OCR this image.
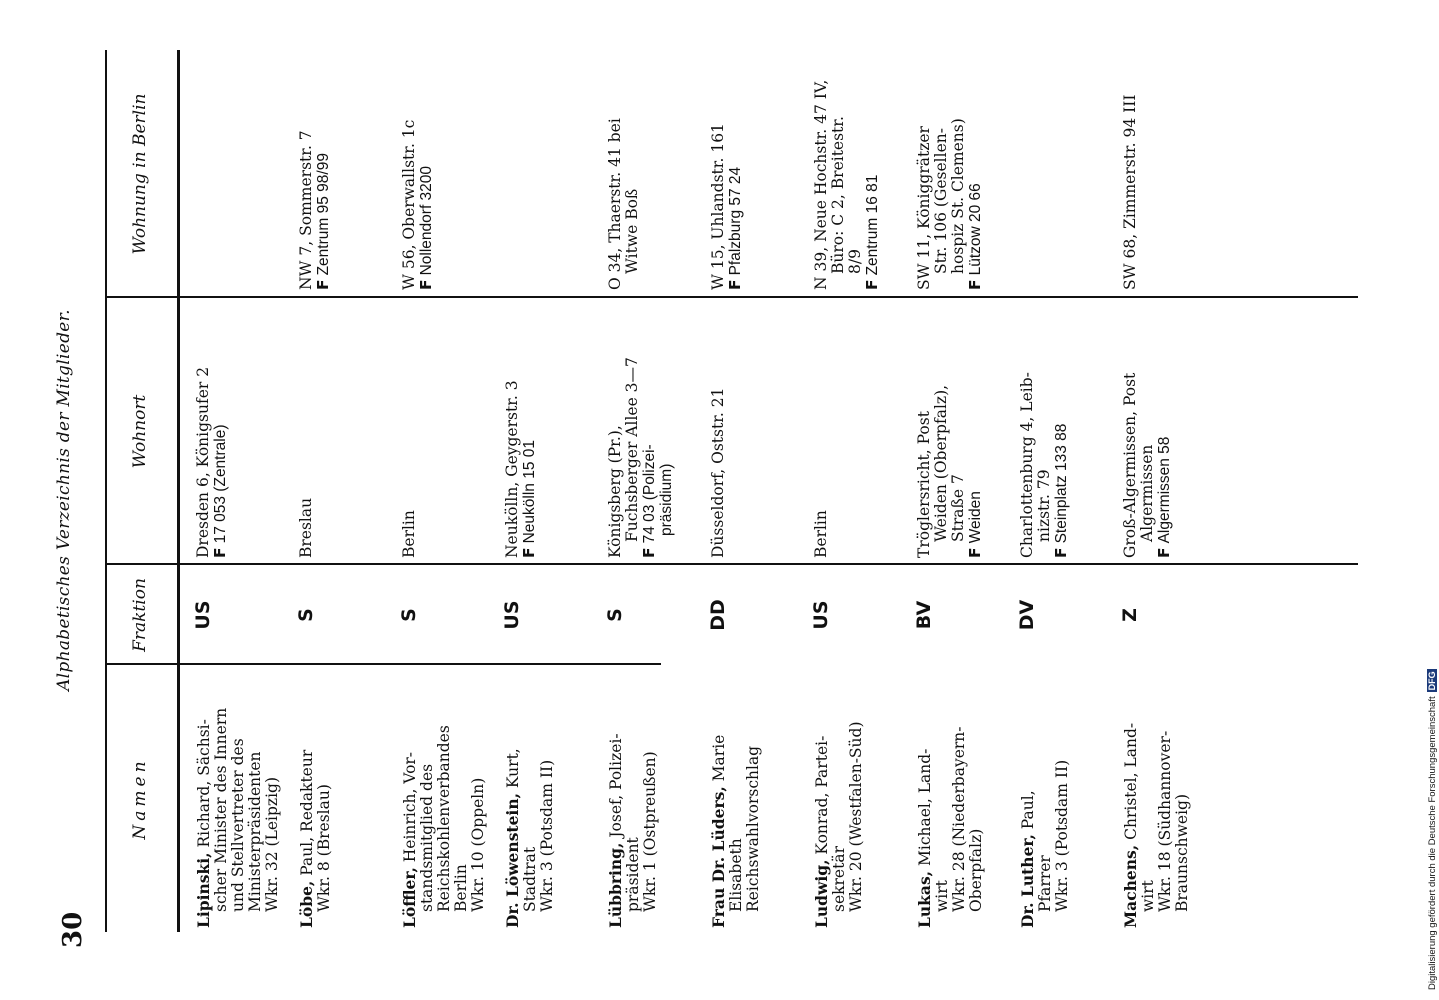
30
Alphabetisches Verzeichnis der Mitglieder.
Namen
Fraktion
Wohnort
Wohnung in Berlin
Lipinski, Richard, Sächsi- scher Minister des Innern und Stellvertreter des Ministerpräsidenten Wkr. 32 (Leipzig)
US
Dresden 6, Königsufer 2 F17 053 (Zentrale)
Löbe, Paul, Redakteur Wkr. 8 (Breslau)
S
Breslau
NW 7, Sommerstr. 7 FZentrum 95 98/99
Löffler, Heinrich, Vor- standsmitglied des Reichskohlenverbandes Berlin Wkr. 10 (Oppeln)
S
Berlin
W 56, Oberwallstr. 1c FNollendorf 3200
Dr. Löwenstein, Kurt,
Stadtrat Wkr. 3 (Potsdam II)
US
Neukölln, Geygerstr. 3 FNeukölln 15 01
Lübbring, Josef, Polizei-
präsident Wkr. 1 (Ostpreußen)
S
Königsberg (Pr.), Fuchsberger Allee 3—7
F74 03 (Polizei- präsidium)
O 34, Thaerstr. 41 bei Witwe Boß
Frau Dr. Lüders, Marie
Elisabeth Reichswahlvorschlag
DD
Düsseldorf, Oststr. 21
W 15, Uhlandstr. 161 FPfalzburg 57 24
Ludwig, Konrad, Partei-
sekretär Wkr. 20 (Westfalen-Süd)
US
Berlin
N 39, Neue Hochstr. 47 IV, Büro: C 2, Breitestr. 8/9
FZentrum 16 81
Lukas, Michael, Land-
wirt Wkr. 28 (Niederbayern- Oberpfalz)
BV
Tröglersricht, Post Weiden (Oberpfalz), Straße 7
FWeiden
SW 11, Königgrätzer Str. 106 (Gesellen- hospiz St. Clemens)
FLützow 20 66
Dr. Luther, Paul,
Pfarrer Wkr. 3 (Potsdam II)
DV
Charlottenburg 4, Leib- nizstr. 79
FSteinplatz 133 88
Machens, Christel, Land-
wirt Wkr. 18 (Südhannover- Braunschweig)
Z
Groß-Algermissen, Post Algermissen
FAlgermissen 58
SW 68, Zimmerstr. 94 III
Digitalisierung gefördert durch die Deutsche ForschungsgemeinschaftDFG
